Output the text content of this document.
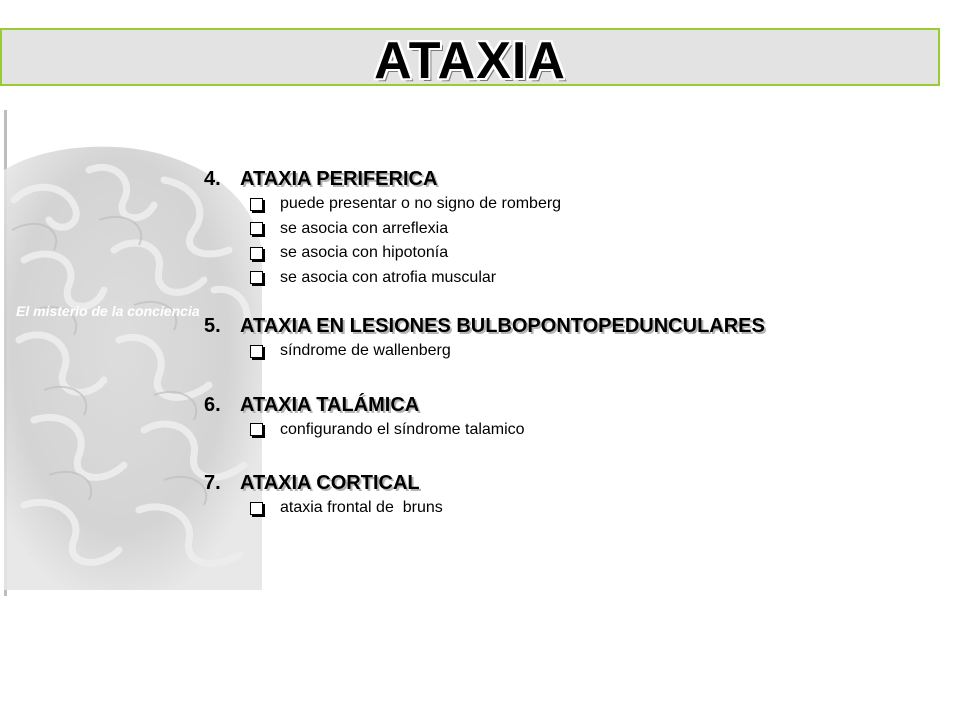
ATAXIA
El misterio de la conciencia
4. ATAXIA PERIFERICA
puede presentar o no signo de romberg
se asocia con arreflexia
se asocia con hipotonía
se asocia con atrofia muscular
5. ATAXIA EN LESIONES BULBOPONTOPEDUNCULARES
síndrome de wallenberg
6. ATAXIA TALÁMICA
configurando el síndrome talamico
7. ATAXIA CORTICAL
ataxia frontal de  bruns
